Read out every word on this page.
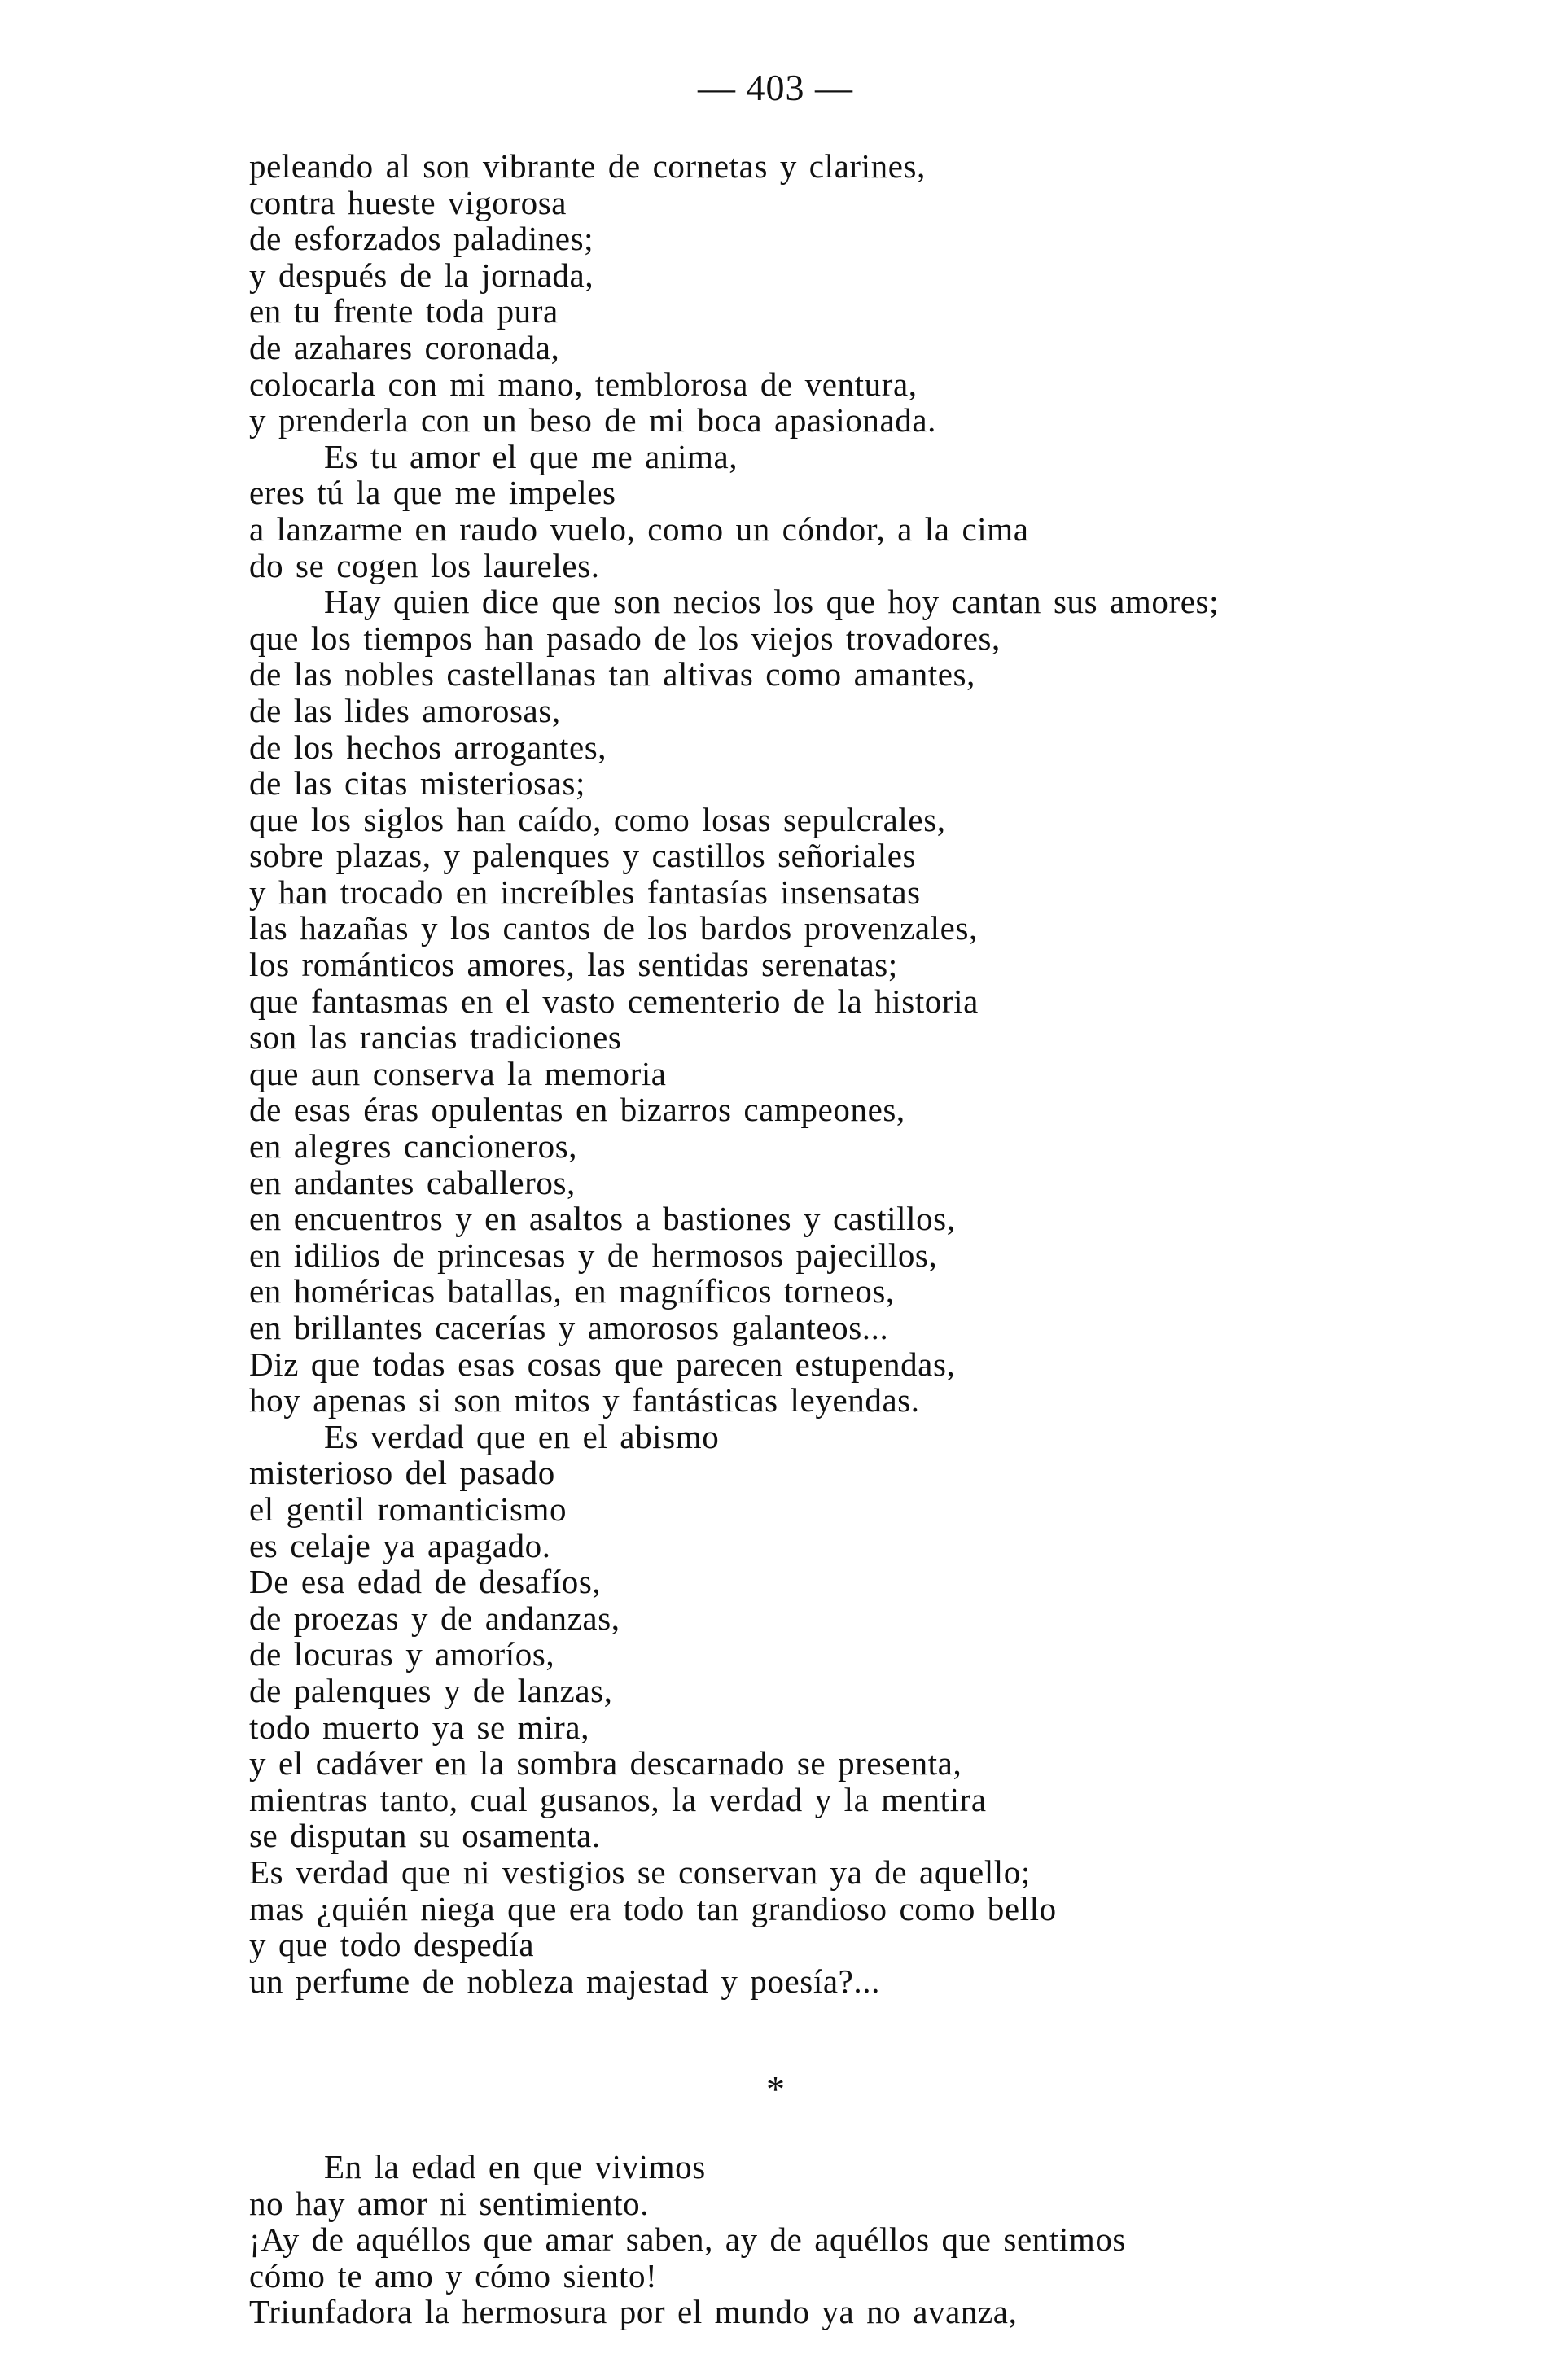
— 403 —
peleando al son vibrante de cornetas y clarines,
contra hueste vigorosa
de esforzados paladines;
y después de la jornada,
en tu frente toda pura
de azahares coronada,
colocarla con mi mano, temblorosa de ventura,
y prenderla con un beso de mi boca apasionada.
Es tu amor el que me anima,
eres tú la que me impeles
a lanzarme en raudo vuelo, como un cóndor, a la cima
do se cogen los laureles.
Hay quien dice que son necios los que hoy cantan sus amores;
que los tiempos han pasado de los viejos trovadores,
de las nobles castellanas tan altivas como amantes,
de las lides amorosas,
de los hechos arrogantes,
de las citas misteriosas;
que los siglos han caído, como losas sepulcrales,
sobre plazas, y palenques y castillos señoriales
y han trocado en increíbles fantasías insensatas
las hazañas y los cantos de los bardos provenzales,
los románticos amores, las sentidas serenatas;
que fantasmas en el vasto cementerio de la historia
son las rancias tradiciones
que aun conserva la memoria
de esas éras opulentas en bizarros campeones,
en alegres cancioneros,
en andantes caballeros,
en encuentros y en asaltos a bastiones y castillos,
en idilios de princesas y de hermosos pajecillos,
en homéricas batallas, en magníficos torneos,
en brillantes cacerías y amorosos galanteos...
Diz que todas esas cosas que parecen estupendas,
hoy apenas si son mitos y fantásticas leyendas.
Es verdad que en el abismo
misterioso del pasado
el gentil romanticismo
es celaje ya apagado.
De esa edad de desafíos,
de proezas y de andanzas,
de locuras y amoríos,
de palenques y de lanzas,
todo muerto ya se mira,
y el cadáver en la sombra descarnado se presenta,
mientras tanto, cual gusanos, la verdad y la mentira
se disputan su osamenta.
Es verdad que ni vestigios se conservan ya de aquello;
mas ¿quién niega que era todo tan grandioso como bello
y que todo despedía
un perfume de nobleza majestad y poesía?...
*
En la edad en que vivimos
no hay amor ni sentimiento.
¡Ay de aquéllos que amar saben, ay de aquéllos que sentimos
cómo te amo y cómo siento!
Triunfadora la hermosura por el mundo ya no avanza,
